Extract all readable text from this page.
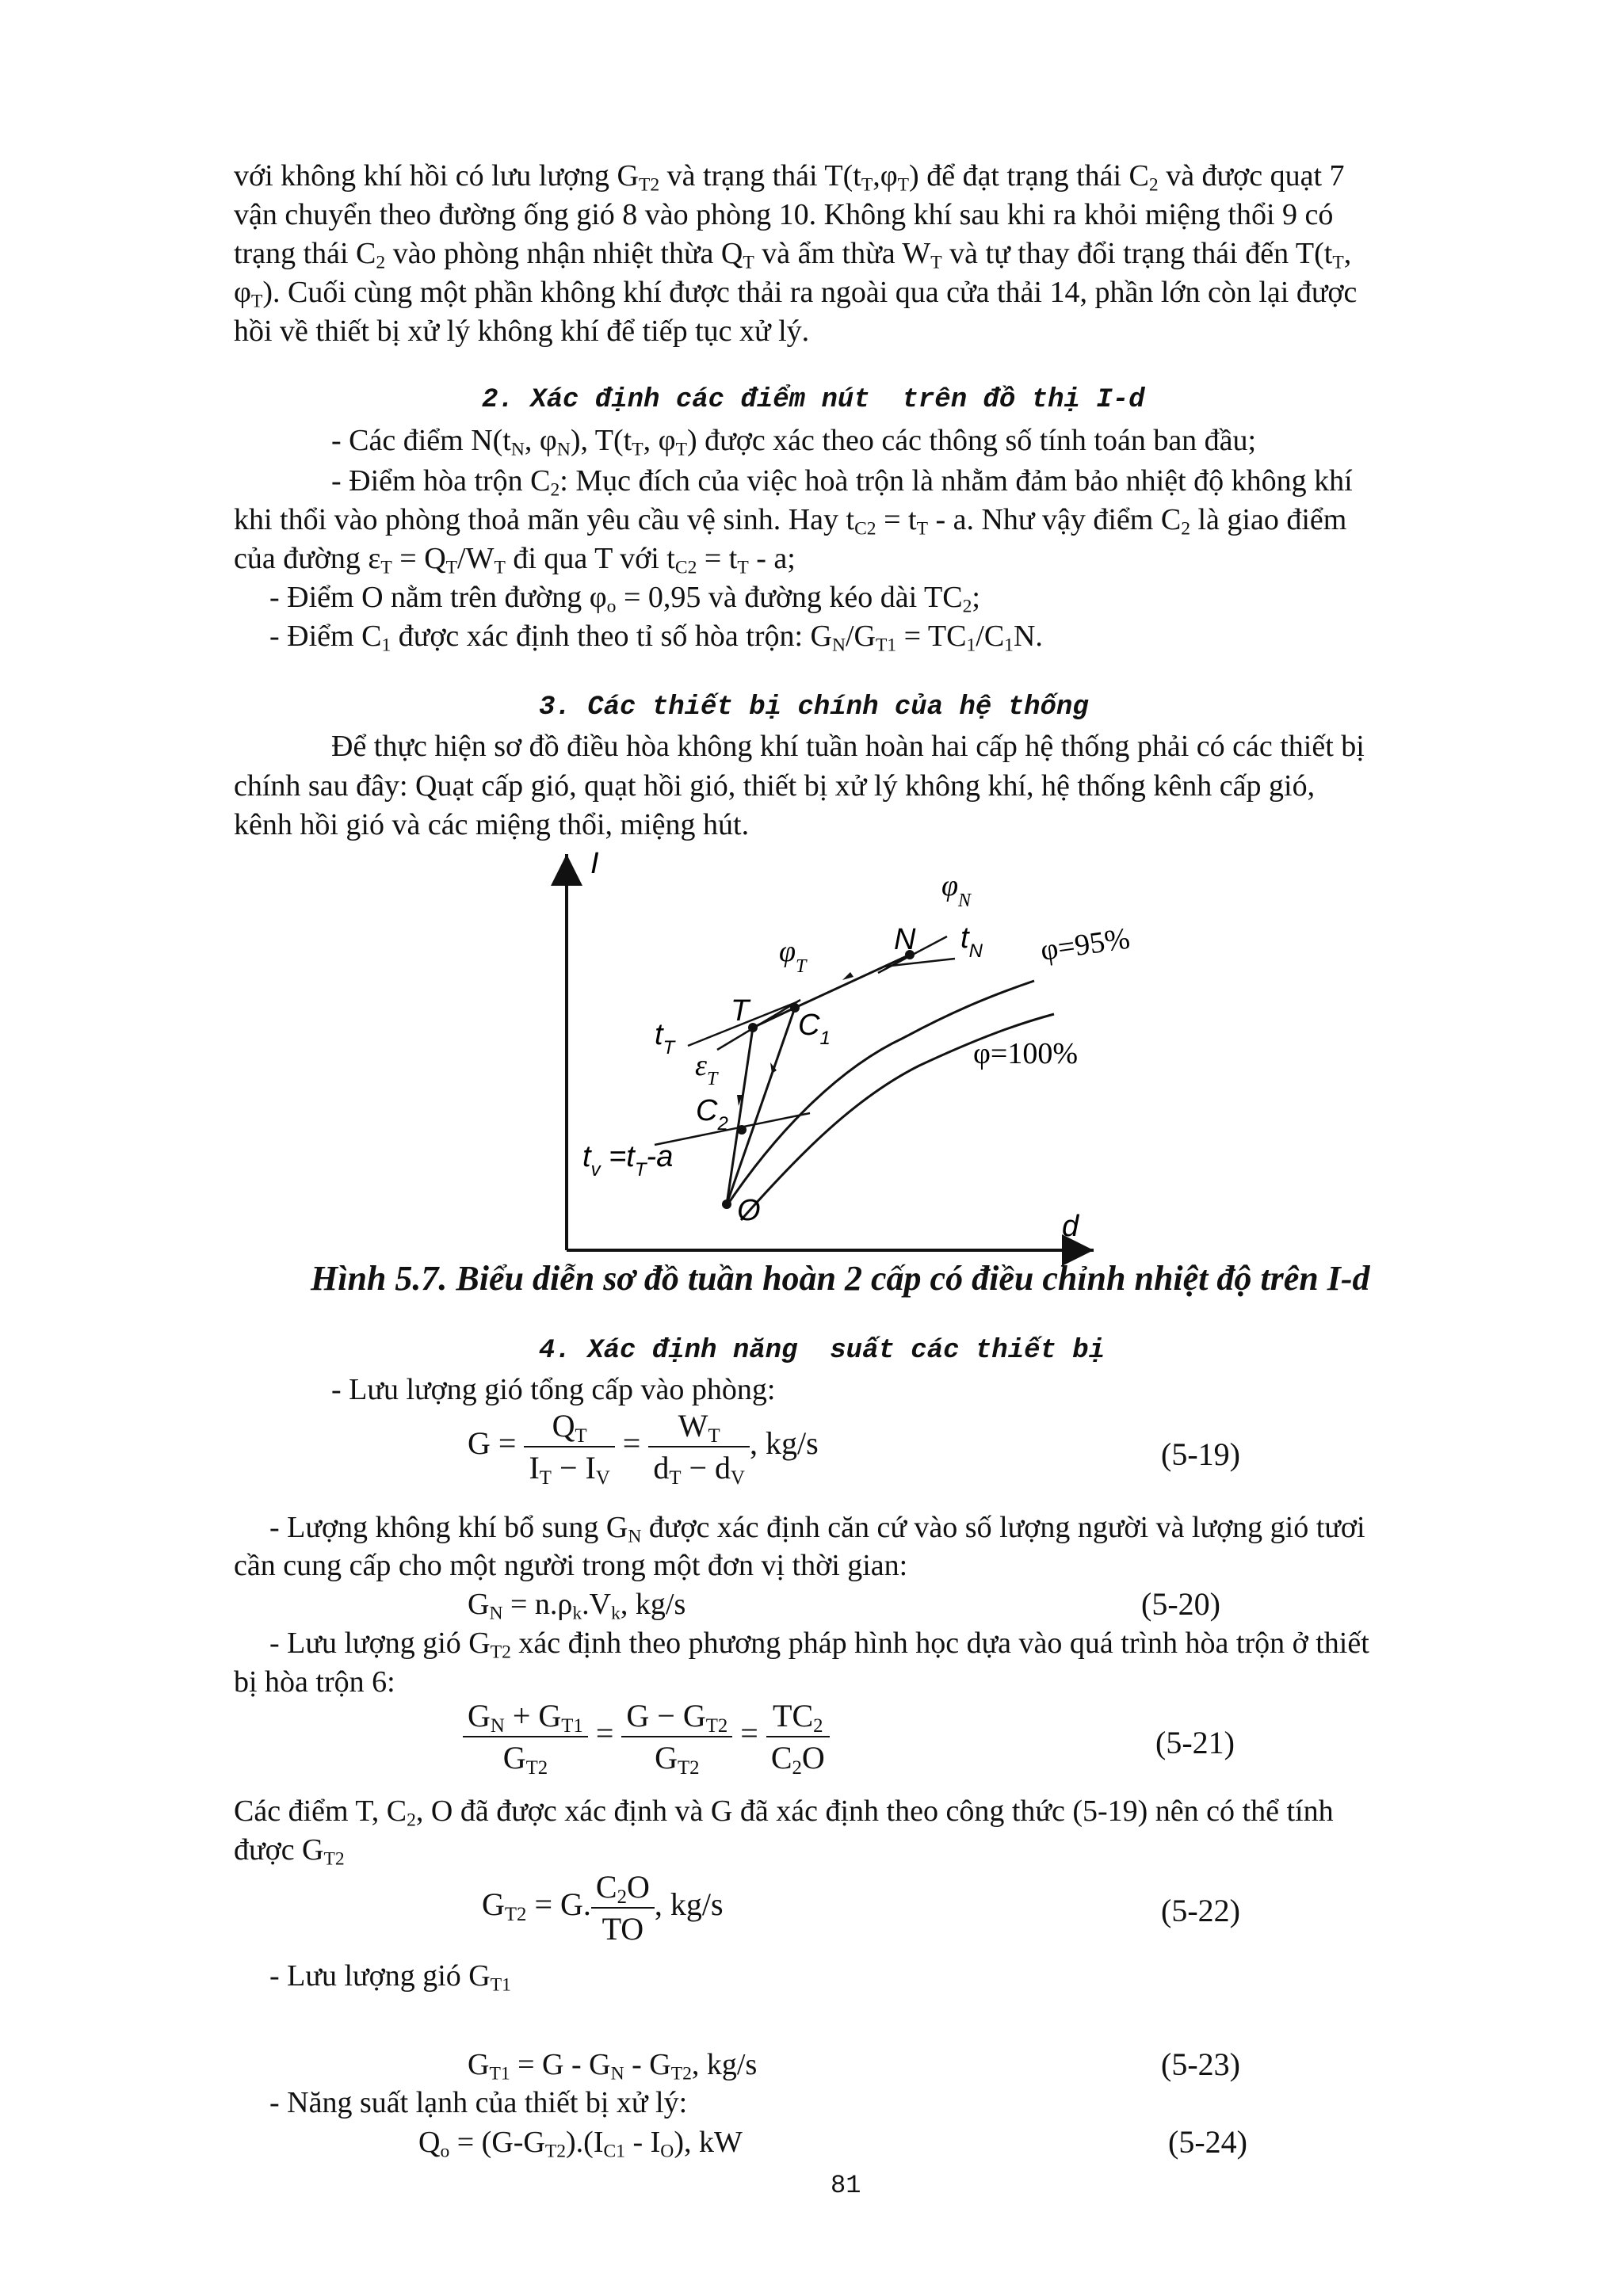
với không khí hồi có lưu lượng $G_{T2}$ và trạng thái $T(t_T,\varphi_T)$ để đạt trạng thái $C_2$ và được quạt 7

vận chuyển theo đường ống gió 8 vào phòng 10. Không khí sau khi ra khỏi miệng thổi 9 có

trạng thái $C_2$ vào phòng nhận nhiệt thừa $Q_T$ và ẩm thừa $W_T$ và tự thay đổi trạng thái đến $T(t_T$,

$\varphi_T$). Cuối cùng một phần không khí được thải ra ngoài qua cửa thải 14, phần lớn còn lại được

hồi về thiết bị xử lý không khí để tiếp tục xử lý.

2. Xác định các điểm nút  trên đồ thị I-d

- Các điểm $N(t_N$, $\varphi_N$), $T(t_T$, $\varphi_T$) được xác theo các thông số tính toán ban đầu;

- Điểm hòa trộn $C_2$: Mục đích của việc hoà trộn là nhằm đảm bảo nhiệt độ không khí

khi thổi vào phòng thoả mãn yêu cầu vệ sinh. Hay $t_{C2} = t_T - a$. Như vậy điểm $C_2$ là giao điểm

của đường $\varepsilon_T = Q_T/W_T$ đi qua T với $t_{C2} = t_T - a$;

- Điểm O nằm trên đường $\varphi_o = 0,95$ và đường kéo dài $TC_2$;

- Điểm $C_1$ được xác định theo tỉ số hòa trộn: $G_N/G_{T1} = TC_1/C_1N$.

3. Các thiết bị chính của hệ thống

Để thực hiện sơ đồ điều hòa không khí tuần hoàn hai cấp hệ thống phải có các thiết bị

chính sau đây: Quạt cấp gió, quạt hồi gió, thiết bị xử lý không khí, hệ thống kênh cấp gió,

kênh hồi gió và các miệng thổi, miệng hút.

I
d
$\varphi_N$
N $t_N$ φ=95%
$\varphi_T$
T $C_1$
$t_T$	φ=100%
$\varepsilon_T$
$C_2$
$t_v =t_T-a$
O

Hình 5.7. Biểu diễn sơ đồ tuần hoàn 2 cấp có điều chỉnh nhiệt độ trên I-d

4. Xác định năng  suất các thiết bị

- Lưu lượng gió tổng cấp vào phòng:

$G = \frac{Q_T}{I_T - I_V} = \frac{W_T}{d_T - d_V}$ , kg/s	(5-19)

- Lượng không khí bổ sung $G_N$ được xác định căn cứ vào số lượng người và lượng gió tươi

cần cung cấp cho một người trong một đơn vị thời gian:

$G_N = n.\rho_k.V_k$, kg/s	(5-20)

- Lưu lượng gió $G_{T2}$ xác định theo phương pháp hình học dựa vào quá trình hòa trộn ở thiết

bị hòa trộn 6:

$\frac{G_N + G_{T1}}{G_{T2}} = \frac{G - G_{T2}}{G_{T2}} = \frac{TC_2}{C_2O}$	(5-21)

Các điểm T, $C_2$, O đã được xác định và G đã xác định theo công thức (5-19) nên có thể tính

được $G_{T2}$

$G_{T2} = G$. $\frac{C_2O}{TO}$ , kg/s	(5-22)

- Lưu lượng gió $G_{T1}$

$G_{T1} = G - G_N - G_{T2}$, kg/s	(5-23)

- Năng suất lạnh của thiết bị xử lý:

$Q_o = (G-G_{T2}).(I_{C1} - I_O)$, kW	(5-24)
81
